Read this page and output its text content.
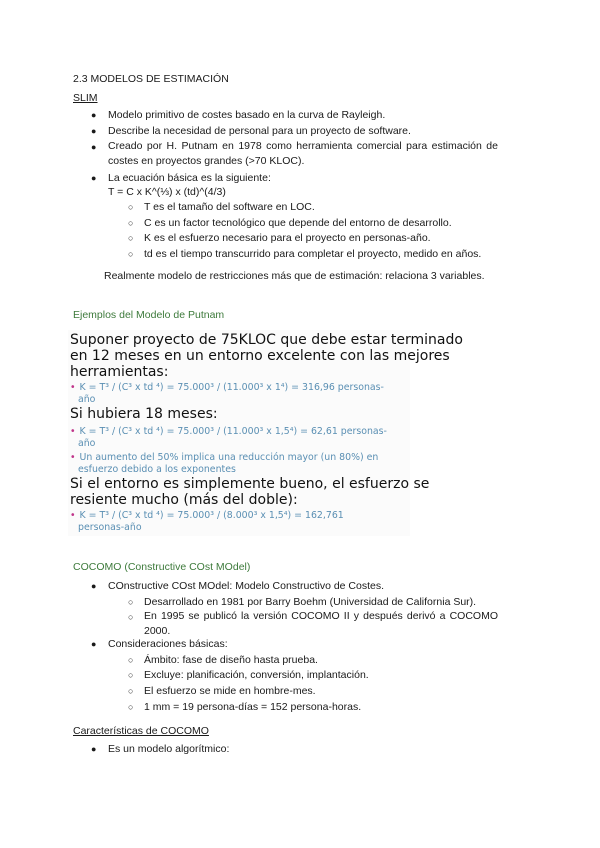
2.3 MODELOS DE ESTIMACIÓN
SLIM
● Modelo primitivo de costes basado en la curva de Rayleigh.
● Describe la necesidad de personal para un proyecto de software.
● Creado por H. Putnam en 1978 como herramienta comercial para estimación de costes en proyectos grandes (>70 KLOC).
● La ecuación básica es la siguiente:
T = C x K^(⅓) x (td)^(4/3)
○ T es el tamaño del software en LOC.
○ C es un factor tecnológico que depende del entorno de desarrollo.
○ K es el esfuerzo necesario para el proyecto en personas-año.
○ td es el tiempo transcurrido para completar el proyecto, medido en años.
Realmente modelo de restricciones más que de estimación: relaciona 3 variables.
Ejemplos del Modelo de Putnam
Suponer proyecto de 75KLOC que debe estar terminado
en 12 meses en un entorno excelente con las mejores
herramientas:
• K = T³ / (C³ x td ⁴) = 75.000³ / (11.000³ x 1⁴) = 316,96 personas-
año
Si hubiera 18 meses:
• K = T³ / (C³ x td ⁴) = 75.000³ / (11.000³ x 1,5⁴) = 62,61 personas-
año
• Un aumento del 50% implica una reducción mayor (un 80%) en
esfuerzo debido a los exponentes
Si el entorno es simplemente bueno, el esfuerzo se
resiente mucho (más del doble):
• K = T³ / (C³ x td ⁴) = 75.000³ / (8.000³ x 1,5⁴) = 162,761
personas-año
COCOMO (Constructive COst MOdel)
● COnstructive COst MOdel: Modelo Constructivo de Costes.
○ Desarrollado en 1981 por Barry Boehm (Universidad de California Sur).
○ En 1995 se publicó la versión COCOMO II y después derivó a COCOMO 2000.
● Consideraciones básicas:
○ Ámbito: fase de diseño hasta prueba.
○ Excluye: planificación, conversión, implantación.
○ El esfuerzo se mide en hombre-mes.
○ 1 mm = 19 persona-días = 152 persona-horas.
Características de COCOMO
● Es un modelo algorítmico:
